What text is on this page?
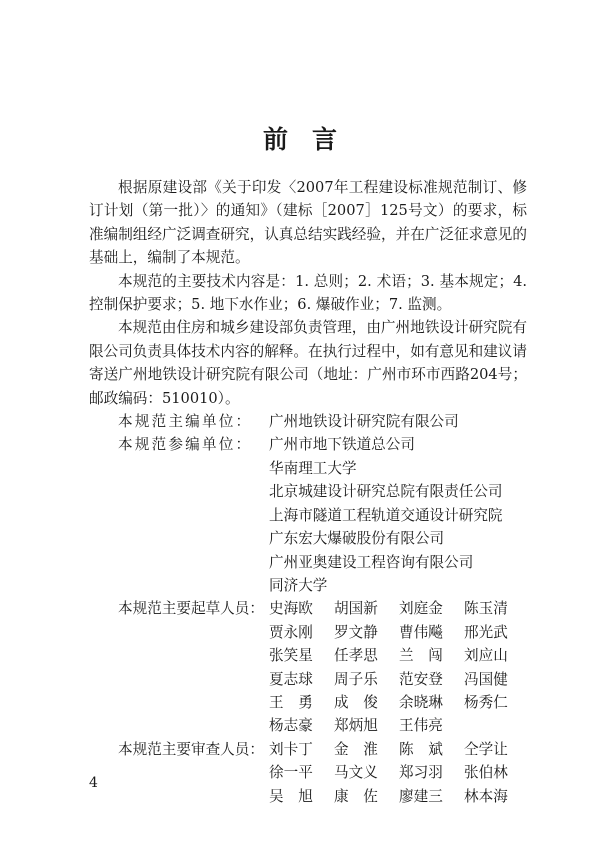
前言

根据原建设部《关于印发〈2007年工程建设标准规范制订、修订计划（第一批）〉的通知》（建标［2007］125号文）的要求，标准编制组经广泛调查研究，认真总结实践经验，并在广泛征求意见的基础上，编制了本规范。

本规范的主要技术内容是：1. 总则；2. 术语；3. 基本规定；4. 控制保护要求；5. 地下水作业；6. 爆破作业；7. 监测。

本规范由住房和城乡建设部负责管理，由广州地铁设计研究院有限公司负责具体技术内容的解释。在执行过程中，如有意见和建议请寄送广州地铁设计研究院有限公司（地址：广州市环市西路204号；邮政编码：510010）。

本规范主编单位：	广州地铁设计研究院有限公司
本规范参编单位：	广州市地下铁道总公司
华南理工大学
北京城建设计研究总院有限责任公司
上海市隧道工程轨道交通设计研究院
广东宏大爆破股份有限公司
广州亚奥建设工程咨询有限公司
同济大学
本规范主要起草人员： 史海欧	胡国新	刘庭金	陈玉清
贾永刚	罗文静	曹伟飚	邢光武
张笑星	任孝思	兰　闯	刘应山
夏志球	周子乐	范安登	冯国健
王　勇	成　俊	余晓琳	杨秀仁
杨志豪	郑炳旭	王伟亮
本规范主要审查人员： 刘卡丁	金　淮	陈　斌	仝学让
徐一平	马文义	郑习羽	张伯林
吴　旭	康　佐	廖建三	林本海
4
